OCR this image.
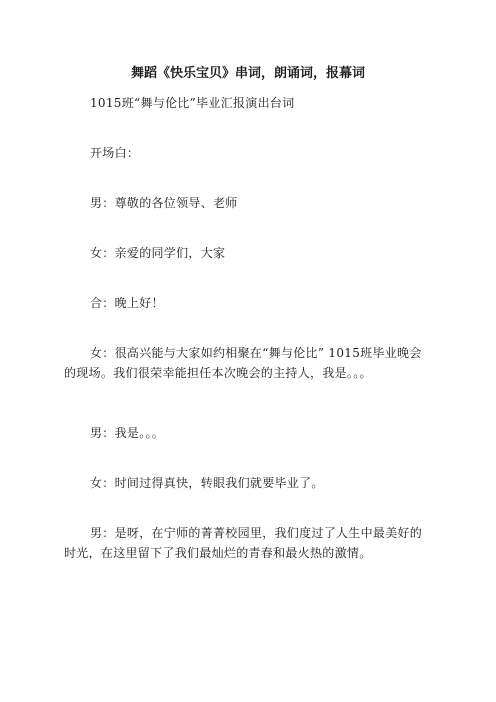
舞蹈《快乐宝贝》串词，朗诵词，报幕词
1015班“舞与伦比”毕业汇报演出台词
开场白：
男：尊敬的各位领导、老师
女：亲爱的同学们，大家
合：晚上好！
女：很高兴能与大家如约相聚在“舞与伦比” 1015班毕业晚会的现场。我们很荣幸能担任本次晚会的主持人，我是。。。
男：我是。。。
女：时间过得真快，转眼我们就要毕业了。
男：是呀，在宁师的菁菁校园里，我们度过了人生中最美好的时光，在这里留下了我们最灿烂的青春和最火热的激情。
